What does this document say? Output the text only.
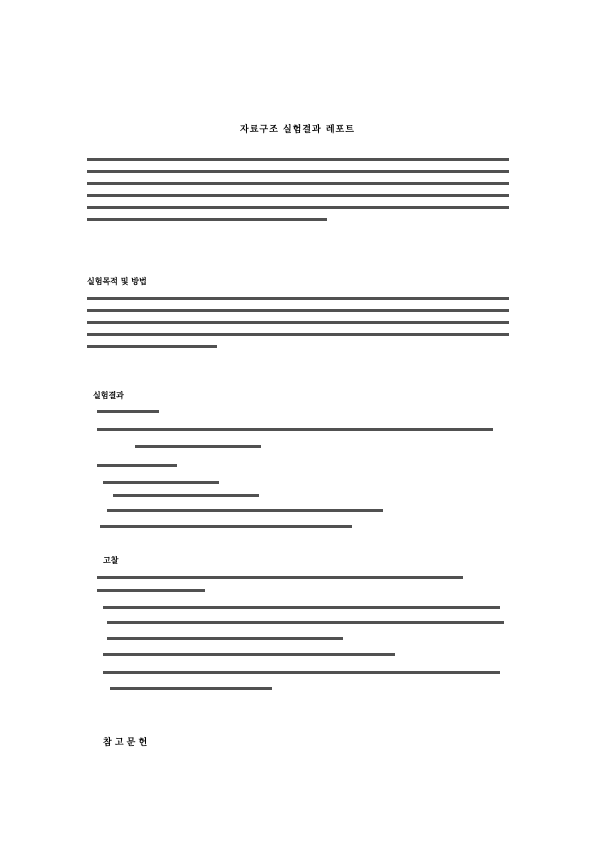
자료구조 실험결과 레포트
실험목적 및 방법
실험결과
고찰
참 고 문 헌
